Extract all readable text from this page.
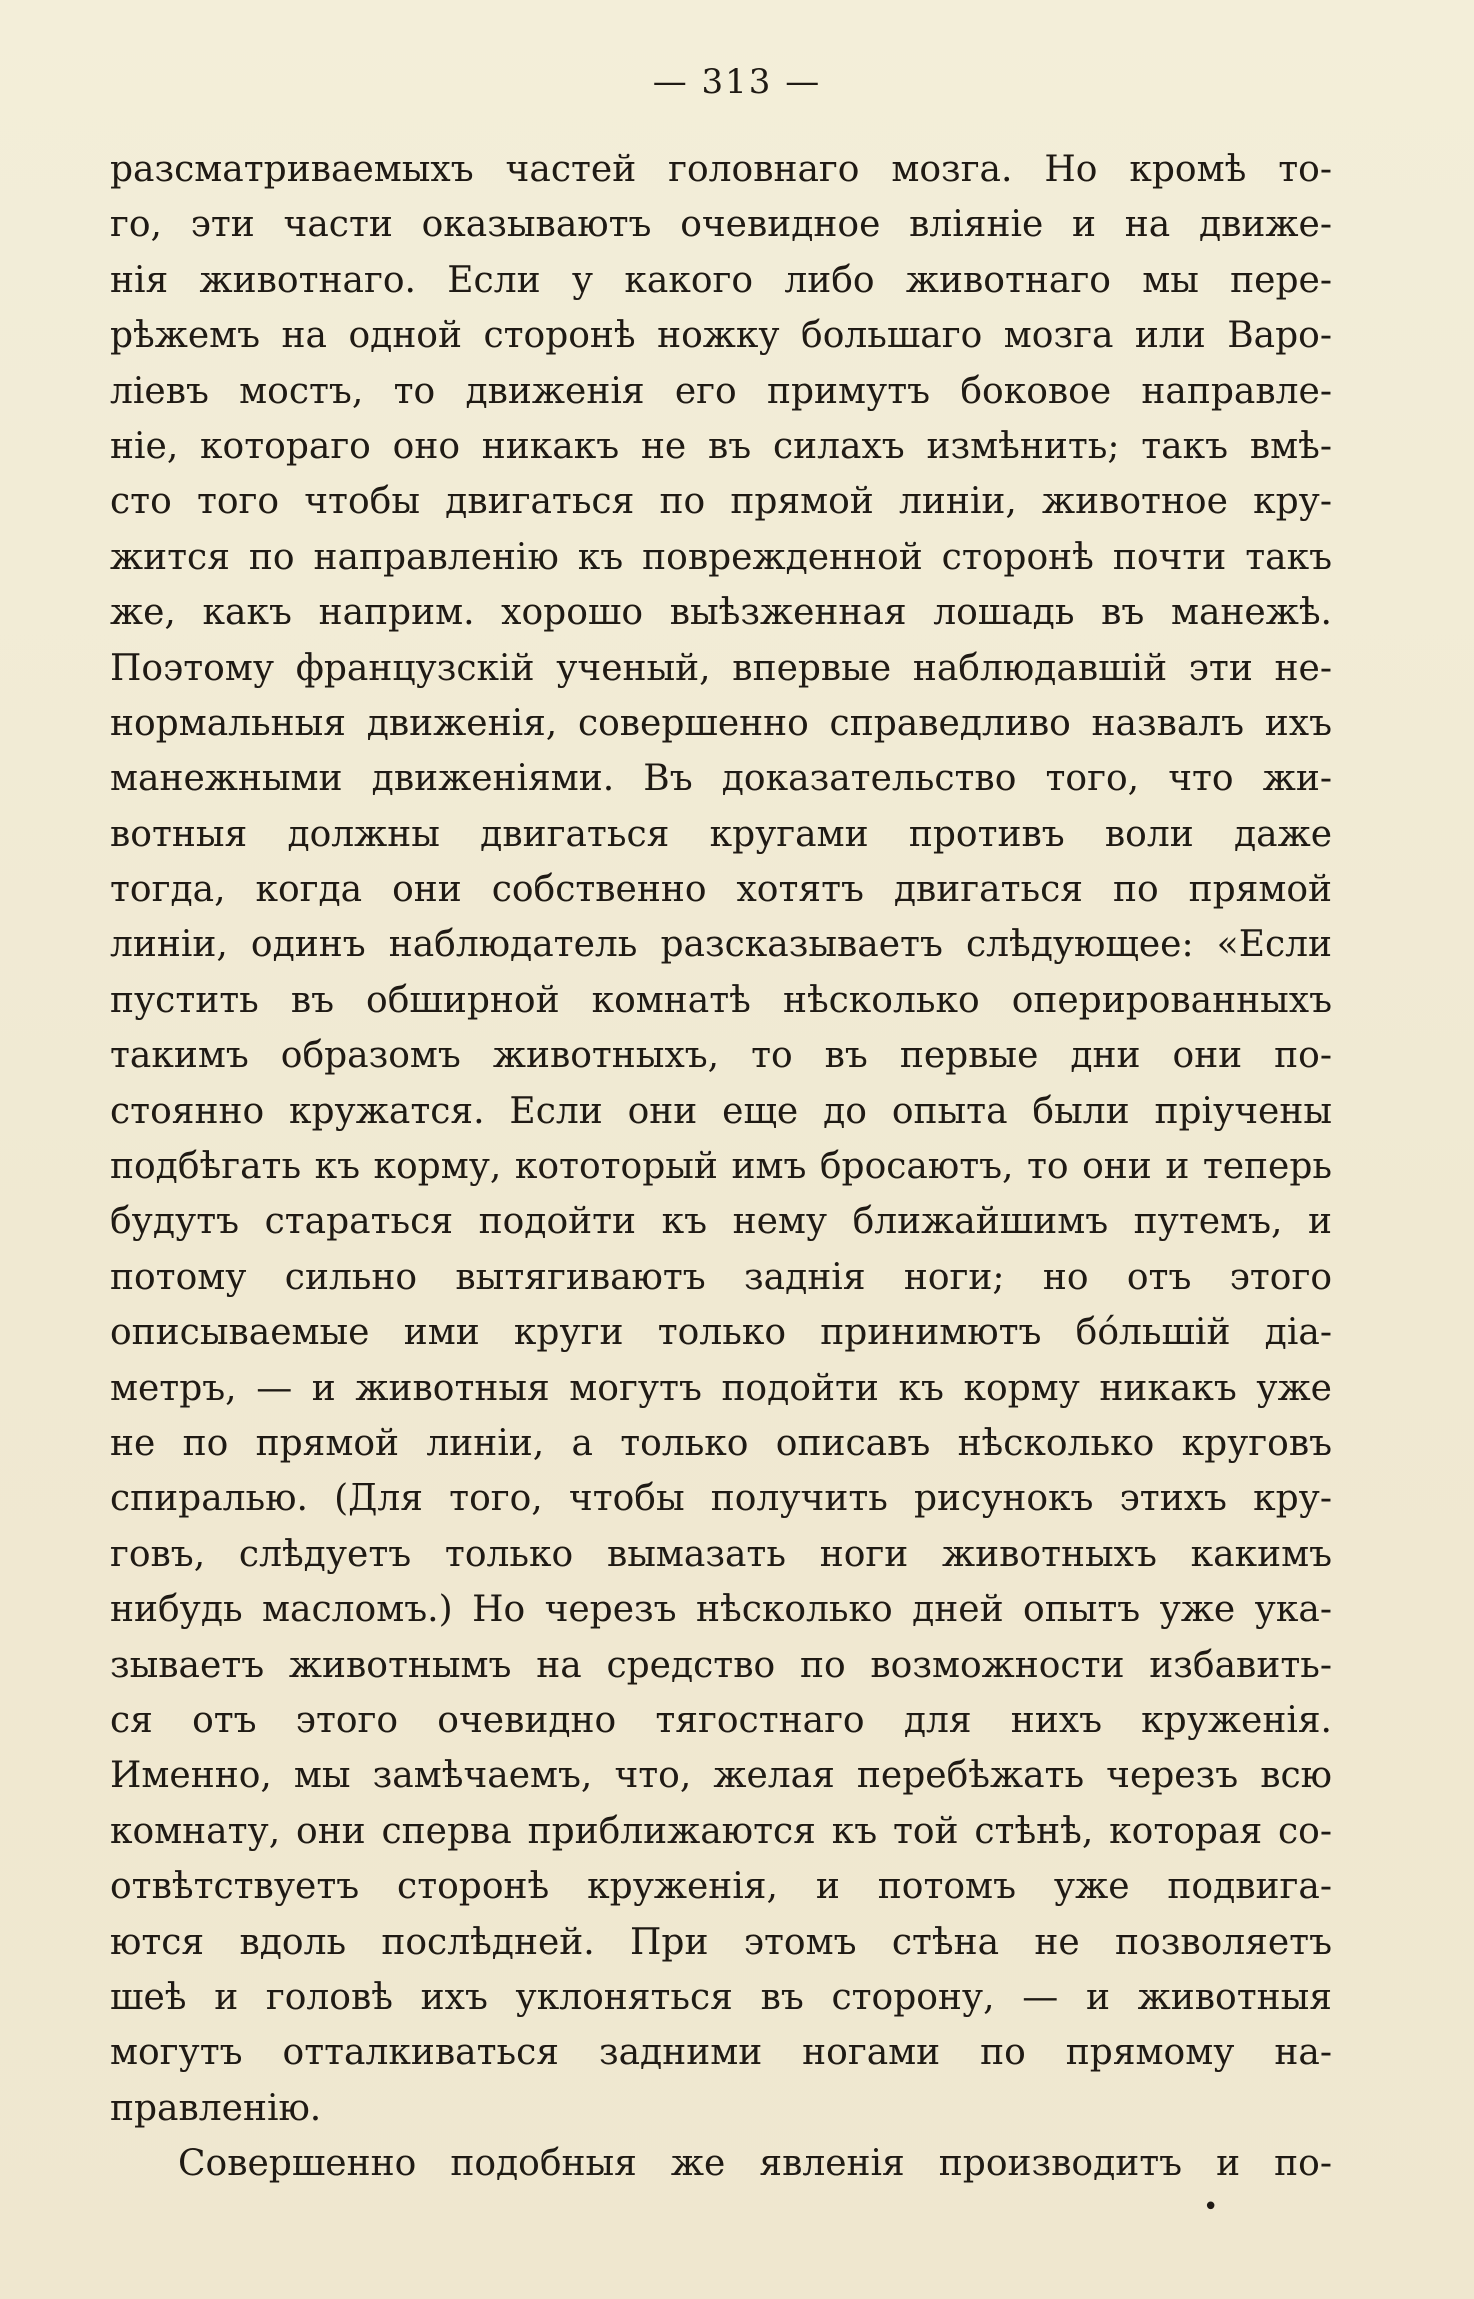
— 313 —
разсматриваемыхъ частей головнаго мозга. Но кромѣ то-
го, эти части оказываютъ очевидное вліяніе и на движе-
нія животнаго. Если у какого либо животнаго мы пере-
рѣжемъ на одной сторонѣ ножку большаго мозга или Варо-
ліевъ мостъ, то движенія его примутъ боковое направле-
ніе, котораго оно никакъ не въ силахъ измѣнить; такъ вмѣ-
сто того чтобы двигаться по прямой линіи, животное кру-
жится по направленію къ поврежденной сторонѣ почти такъ
же, какъ наприм. хорошо выѣзженная лошадь въ манежѣ.
Поэтому французскій ученый, впервые наблюдавшій эти не-
нормальныя движенія, совершенно справедливо назвалъ ихъ
манежными движеніями. Въ доказательство того, что жи-
вотныя должны двигаться кругами противъ воли даже
тогда, когда они собственно хотятъ двигаться по прямой
линіи, одинъ наблюдатель разсказываетъ слѣдующее: «Если
пустить въ обширной комнатѣ нѣсколько оперированныхъ
такимъ образомъ животныхъ, то въ первые дни они по-
стоянно кружатся. Если они еще до опыта были пріучены
подбѣгать къ корму, кототорый имъ бросаютъ, то они и теперь
будутъ стараться подойти къ нему ближайшимъ путемъ, и
потому сильно вытягиваютъ заднія ноги; но отъ этого
описываемые ими круги только принимютъ бо́льшій діа-
метръ, — и животныя могутъ подойти къ корму никакъ уже
не по прямой линіи, а только описавъ нѣсколько круговъ
спиралью. (Для того, чтобы получить рисунокъ этихъ кру-
говъ, слѣдуетъ только вымазать ноги животныхъ какимъ
нибудь масломъ.) Но черезъ нѣсколько дней опытъ уже ука-
зываетъ животнымъ на средство по возможности избавить-
ся отъ этого очевидно тягостнаго для нихъ круженія.
Именно, мы замѣчаемъ, что, желая перебѣжать черезъ всю
комнату, они сперва приближаются къ той стѣнѣ, которая со-
отвѣтствуетъ сторонѣ круженія, и потомъ уже подвига-
ются вдоль послѣдней. При этомъ стѣна не позволяетъ
шеѣ и головѣ ихъ уклоняться въ сторону, — и животныя
могутъ отталкиваться задними ногами по прямому на-
правленію.
Совершенно подобныя же явленія производитъ и по-
•
